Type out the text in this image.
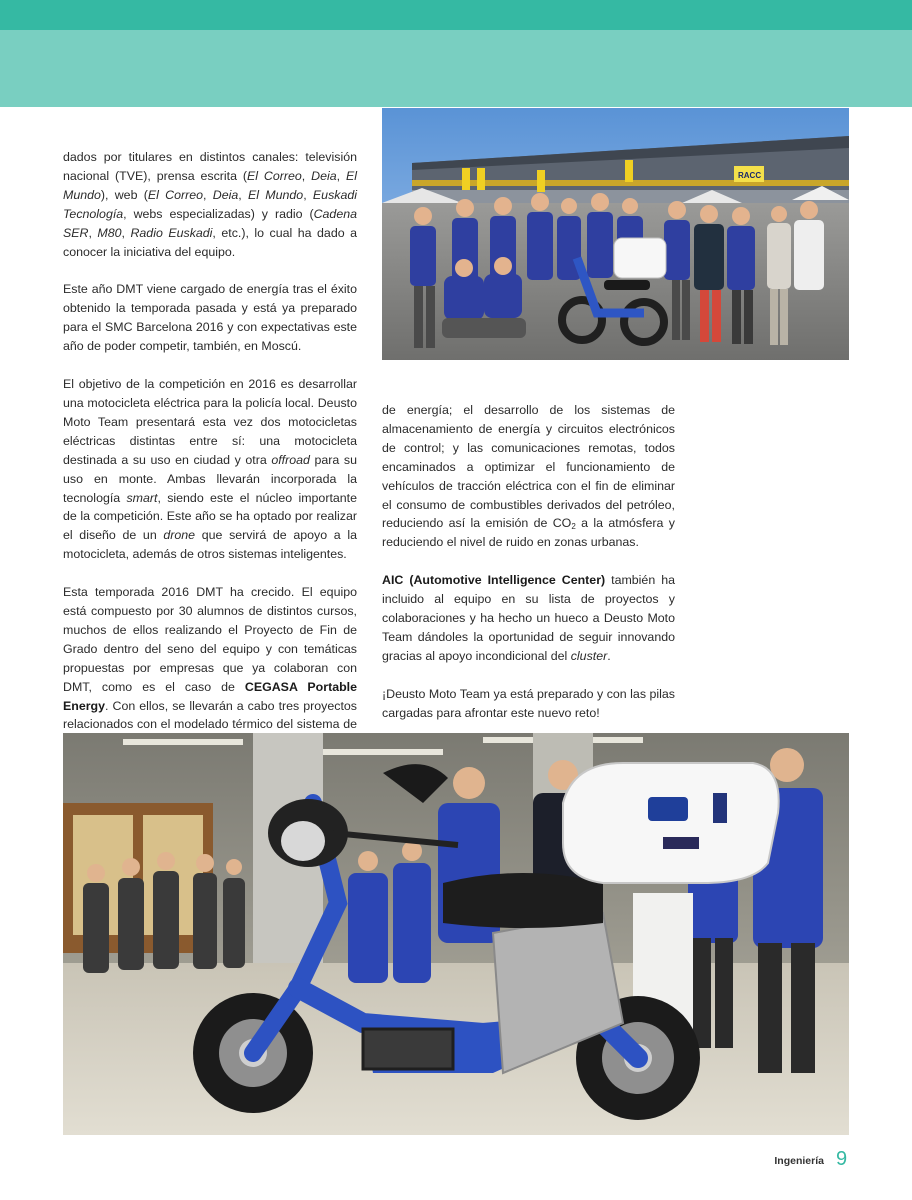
RACC

dados por titulares en distintos canales: televisión nacional (TVE), prensa escrita (El Correo, Deia, El Mundo), web (El Correo, Deia, El Mundo, Euskadi Tecnología, webs especializadas) y radio (Cadena SER, M80, Radio Euskadi, etc.), lo cual ha dado a conocer la iniciativa del equipo.

Este año DMT viene cargado de energía tras el éxito obtenido la temporada pasada y está ya preparado para el SMC Barcelona 2016 y con expectativas este año de poder competir, también, en Moscú.

El objetivo de la competición en 2016 es desarrollar una motocicleta eléctrica para la policía local. Deusto Moto Team presentará esta vez dos motocicletas eléctricas distintas entre sí: una motocicleta destinada a su uso en ciudad y otra offroad para su uso en monte. Ambas llevarán incorporada la tecnología smart, siendo este el núcleo importante de la competición. Este año se ha optado por realizar el diseño de un drone que servirá de apoyo a la motocicleta, además de otros sistemas inteligentes.

Esta temporada 2016 DMT ha crecido. El equipo está compuesto por 30 alumnos de distintos cursos, muchos de ellos realizando el Proyecto de Fin de Grado dentro del seno del equipo y con temáticas propuestas por empresas que ya colaboran con DMT, como es el caso de CEGASA Portable Energy. Con ellos, se llevarán a cabo tres proyectos relacionados con el modelado térmico del sistema de

de energía; el desarrollo de los sistemas de almacenamiento de energía y circuitos electrónicos de control; y las comunicaciones remotas, todos encaminados a optimizar el funcionamiento de vehículos de tracción eléctrica con el fin de eliminar el consumo de combustibles derivados del petróleo, reduciendo así la emisión de $CO_2$ a la atmósfera y reduciendo el nivel de ruido en zonas urbanas.

AIC (Automotive Intelligence Center) también ha incluido al equipo en su lista de proyectos y colaboraciones y ha hecho un hueco a Deusto Moto Team dándoles la oportunidad de seguir innovando gracias al apoyo incondicional del cluster.

¡Deusto Moto Team ya está preparado y con las pilas cargadas para afrontar este nuevo reto!

Ingeniería 9
